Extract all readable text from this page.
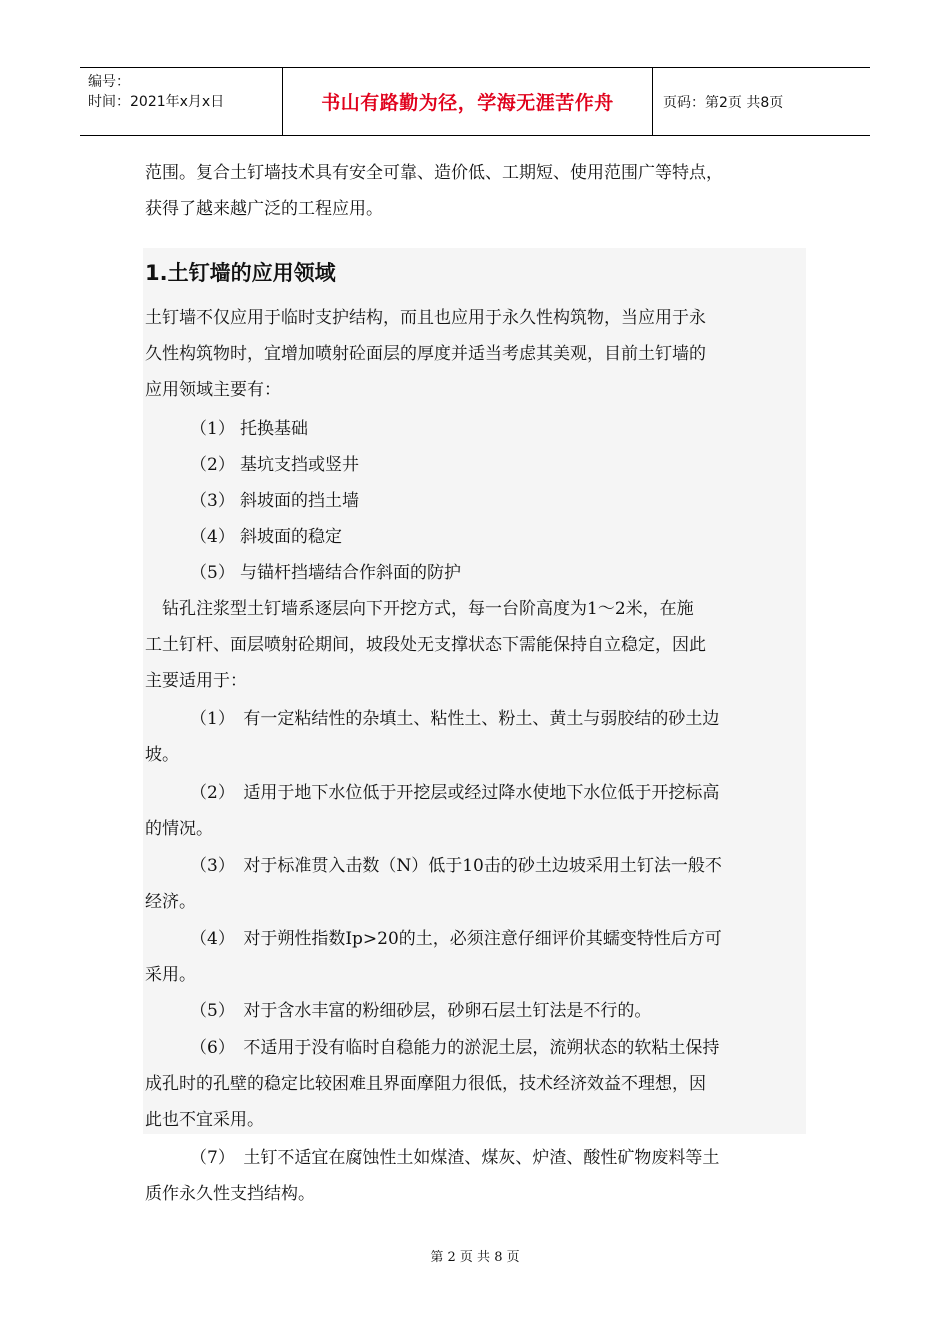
编号：
时间：2021年x月x日	书山有路勤为径，学海无涯苦作舟	页码：第2页 共8页

范围。复合土钉墙技术具有安全可靠、造价低、工期短、使用范围广等特点，

获得了越来越广泛的工程应用。

1.土钉墙的应用领域

土钉墙不仅应用于临时支护结构，而且也应用于永久性构筑物，当应用于永

久性构筑物时，宜增加喷射砼面层的厚度并适当考虑其美观，目前土钉墙的

应用领域主要有：

（1） 托换基础
（2） 基坑支挡或竖井
（3） 斜坡面的挡土墙
（4） 斜坡面的稳定
（5） 与锚杆挡墙结合作斜面的防护

　钻孔注浆型土钉墙系逐层向下开挖方式，每一台阶高度为1～2米，在施

工土钉杆、面层喷射砼期间，坡段处无支撑状态下需能保持自立稳定，因此

主要适用于：

（1）　有一定粘结性的杂填土、粘性土、粉土、黄土与弱胶结的砂土边

坡。

（2）　适用于地下水位低于开挖层或经过降水使地下水位低于开挖标高

的情况。

（3）　对于标准贯入击数（N）低于10击的砂土边坡采用土钉法一般不

经济。

（4）　对于朔性指数Ip>20的土，必须注意仔细评价其蠕变特性后方可

采用。

（5）　对于含水丰富的粉细砂层，砂卵石层土钉法是不行的。

（6）　不适用于没有临时自稳能力的淤泥土层，流朔状态的软粘土保持

成孔时的孔壁的稳定比较困难且界面摩阻力很低，技术经济效益不理想，因

此也不宜采用。

（7）　土钉不适宜在腐蚀性土如煤渣、煤灰、炉渣、酸性矿物废料等土

质作永久性支挡结构。

第 2 页 共 8 页
